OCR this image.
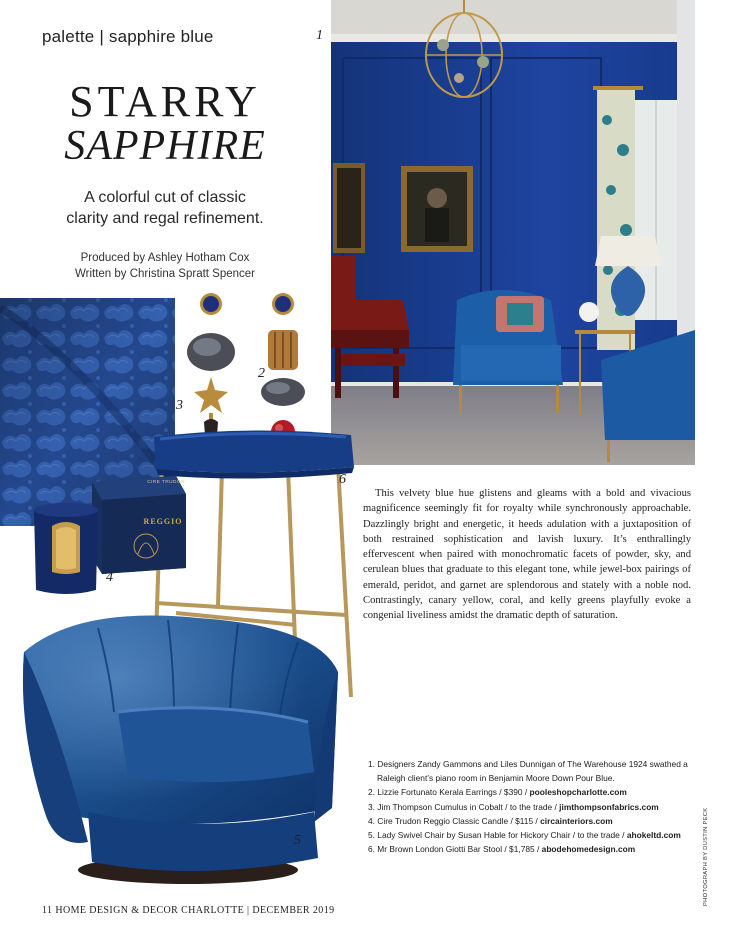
palette | sapphire blue	1
STARRY
SAPPHIRE
A colorful cut of classic
clarity and regal refinement.
Produced by Ashley Hotham Cox
Written by Christina Spratt Spencer
CIRE TRUDON
REGGIO
2
3
4
5
6

This velvety blue hue glistens and gleams with a bold and vivacious magnificence seemingly fit for royalty while synchronously approachable. Dazzlingly bright and energetic, it heeds adulation with a juxtaposition of both restrained sophistication and lavish luxury. It’s enthrallingly effervescent when paired with monochromatic facets of powder, sky, and cerulean blues that graduate to this elegant tone, while jewel-box pairings of emerald, peridot, and garnet are splendorous and stately with a noble nod. Contrastingly, canary yellow, coral, and kelly greens playfully evoke a congenial liveliness amidst the dramatic depth of saturation.

1. Designers Zandy Gammons and Liles Dunnigan of The Warehouse 1924 swathed a Raleigh client’s piano room in Benjamin Moore Down Pour Blue.
2. Lizzie Fortunato Kerala Earrings / $390 / pooleshopcharlotte.com
3. Jim Thompson Cumulus in Cobalt / to the trade / jimthompsonfabrics.com
4. Cire Trudon Reggio Classic Candle / $115 / circainteriors.com
5. Lady Swivel Chair by Susan Hable for Hickory Chair / to the trade / ahokeltd.com
6. Mr Brown London Giotti Bar Stool / $1,785 / abodehomedesign.com
11 HOME DESIGN & DECOR CHARLOTTE | DECEMBER 2019
PHOTOGRAPH BY DUSTIN PECK
